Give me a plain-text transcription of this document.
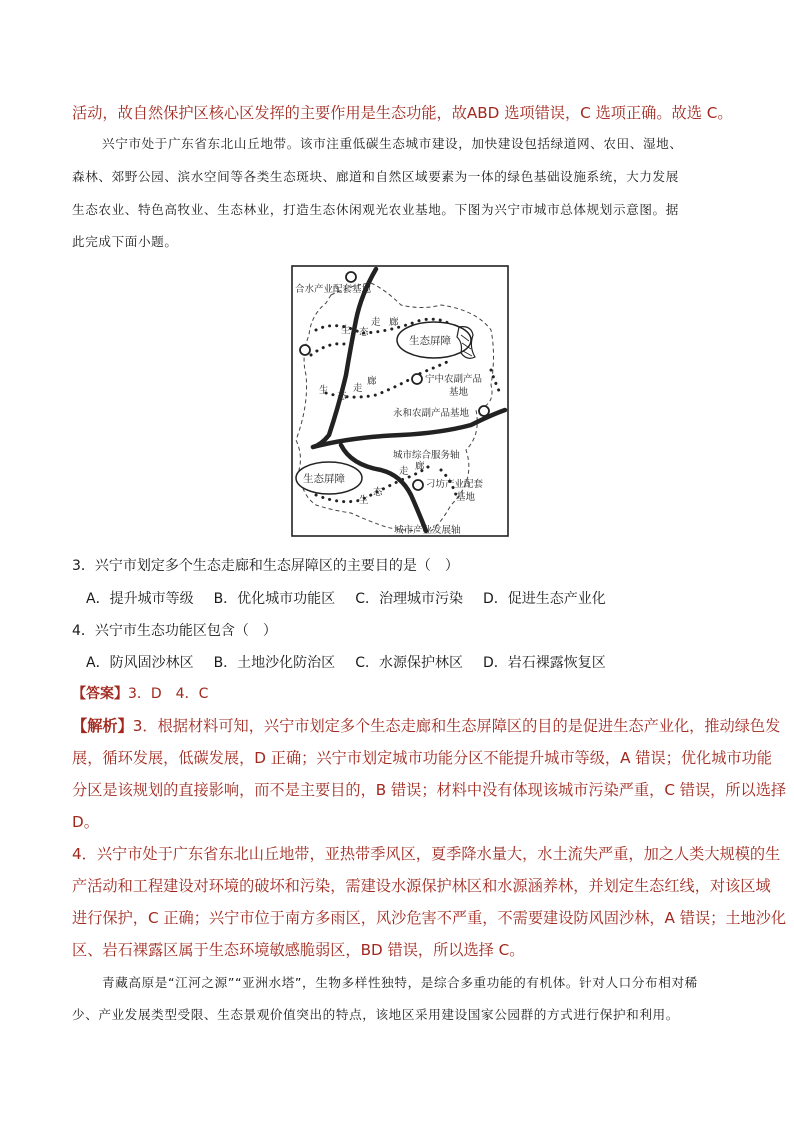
活动，故自然保护区核心区发挥的主要作用是生态功能，故ABD 选项错误，C 选项正确。故选 C。
兴宁市处于广东省东北山丘地带。该市注重低碳生态城市建设，加快建设包括绿道网、农田、湿地、
森林、郊野公园、滨水空间等各类生态斑块、廊道和自然区域要素为一体的绿色基础设施系统，大力发展
生态农业、特色高牧业、生态林业，打造生态休闲观光农业基地。下图为兴宁市城市总体规划示意图。据
此完成下面小题。
合水产业配套基地
生态屏障
宁中农副产品
基地
永和农副产品基地
城市综合服务轴
生态屏障	刁坊产业配套
基地
城市产业发展轴
生 态
走 廊
生
态
走
廊
生
态
走 廊
3．兴宁市划定多个生态走廊和生态屏障区的主要目的是（　）
A．提升城市等级 B．优化城市功能区 C．治理城市污染 D．促进生态产业化
4．兴宁市生态功能区包含（　）
A．防风固沙林区 B．土地沙化防治区 C．水源保护林区 D．岩石裸露恢复区
【答案】3．D　4．C
【解析】3．根据材料可知，兴宁市划定多个生态走廊和生态屏障区的目的是促进生态产业化，推动绿色发
展，循环发展，低碳发展，D 正确；兴宁市划定城市功能分区不能提升城市等级，A 错误；优化城市功能
分区是该规划的直接影响，而不是主要目的，B 错误；材料中没有体现该城市污染严重，C 错误，所以选择
D。
4．兴宁市处于广东省东北山丘地带，亚热带季风区，夏季降水量大，水土流失严重，加之人类大规模的生
产活动和工程建设对环境的破坏和污染，需建设水源保护林区和水源涵养林，并划定生态红线，对该区域
进行保护，C 正确；兴宁市位于南方多雨区，风沙危害不严重，不需要建设防风固沙林，A 错误；土地沙化
区、岩石裸露区属于生态环境敏感脆弱区，BD 错误，所以选择 C。
青藏高原是“江河之源”“亚洲水塔”，生物多样性独特，是综合多重功能的有机体。针对人口分布相对稀
少、产业发展类型受限、生态景观价值突出的特点，该地区采用建设国家公园群的方式进行保护和利用。
